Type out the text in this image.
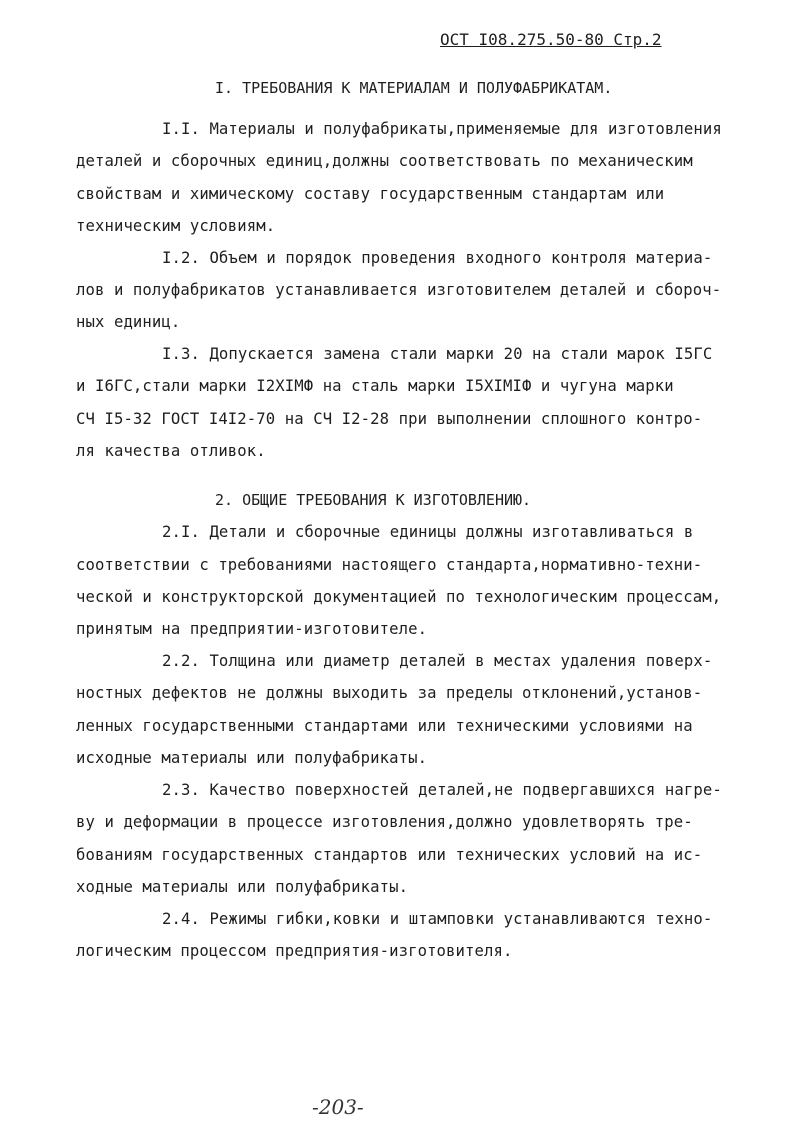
ОСТ I08.275.50-80 Стр.2
I. ТРЕБОВАНИЯ К МАТЕРИАЛАМ И ПОЛУФАБРИКАТАМ.
I.I. Материалы и полуфабрикаты,применяемые для изготовления
деталей и сборочных единиц,должны соответствовать по механическим
свойствам и химическому составу государственным стандартам или
техническим условиям.
I.2. Объем и порядок проведения входного контроля материа-
лов и полуфабрикатов устанавливается изготовителем деталей и сбороч-
ных единиц.
I.3. Допускается замена стали марки 20 на стали марок I5ГС
и I6ГС,стали марки I2XIМФ на сталь марки I5XIМIФ и чугуна марки
СЧ I5-32 ГОСТ I4I2-70 на СЧ I2-28 при выполнении сплошного контро-
ля качества отливок.
2. ОБЩИЕ ТРЕБОВАНИЯ К ИЗГОТОВЛЕНИЮ.
2.I. Детали и сборочные единицы должны изготавливаться в
соответствии с требованиями настоящего стандарта,нормативно-техни-
ческой и конструкторской документацией по технологическим процессам,
принятым на предприятии-изготовителе.
2.2. Толщина или диаметр деталей в местах удаления поверх-
ностных дефектов не должны выходить за пределы отклонений,установ-
ленных государственными стандартами или техническими условиями на
исходные материалы или полуфабрикаты.
2.3. Качество поверхностей деталей,не подвергавшихся нагре-
ву и деформации в процессе изготовления,должно удовлетворять тре-
бованиям государственных стандартов или технических условий на ис-
ходные материалы или полуфабрикаты.
2.4. Режимы гибки,ковки и штамповки устанавливаются техно-
логическим процессом предприятия-изготовителя.
-203-
